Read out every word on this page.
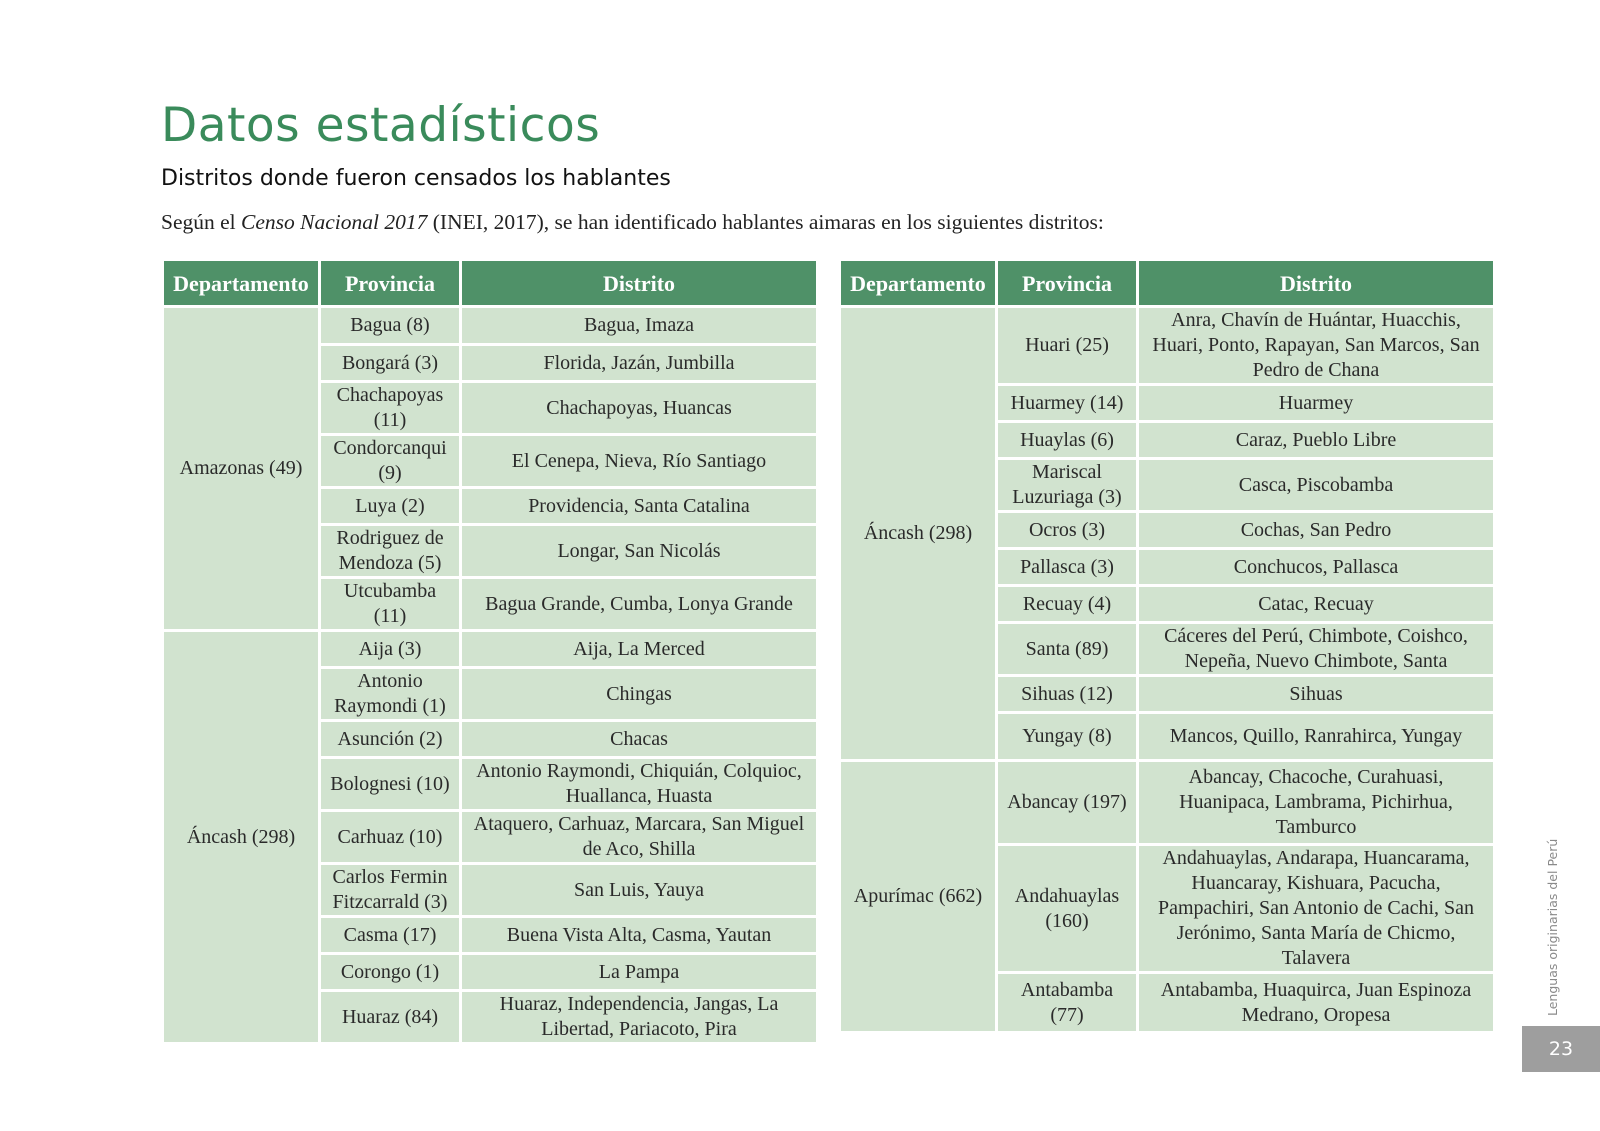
Datos estadísticos
Distritos donde fueron censados los hablantes

Según el Censo Nacional 2017 (INEI, 2017), se han identificado hablantes aimaras en los siguientes distritos:

Departamento	Provincia	Distrito
Amazonas (49)	Bagua (8)	Bagua, Imaza
	Bongará (3)	Florida, Jazán, Jumbilla
	Chachapoyas (11)	Chachapoyas, Huancas
	Condorcanqui (9)	El Cenepa, Nieva, Río Santiago
	Luya (2)	Providencia, Santa Catalina
	Rodriguez de Mendoza (5)	Longar, San Nicolás
	Utcubamba (11)	Bagua Grande, Cumba, Lonya Grande
Áncash (298)	Aija (3)	Aija, La Merced
	Antonio Raymondi (1)	Chingas
	Asunción (2)	Chacas
	Bolognesi (10)	Antonio Raymondi, Chiquián, Colquioc, Huallanca, Huasta
	Carhuaz (10)	Ataquero, Carhuaz, Marcara, San Miguel de Aco, Shilla
	Carlos Fermin Fitzcarrald (3)	San Luis, Yauya
	Casma (17)	Buena Vista Alta, Casma, Yautan
	Corongo (1)	La Pampa
	Huaraz (84)	Huaraz, Independencia, Jangas, La Libertad, Pariacoto, Pira
Departamento	Provincia	Distrito
Áncash (298)	Huari (25)	Anra, Chavín de Huántar, Huacchis, Huari, Ponto, Rapayan, San Marcos, San Pedro de Chana
	Huarmey (14)	Huarmey
	Huaylas (6)	Caraz, Pueblo Libre
	Mariscal Luzuriaga (3)	Casca, Piscobamba
	Ocros (3)	Cochas, San Pedro
	Pallasca (3)	Conchucos, Pallasca
	Recuay (4)	Catac, Recuay
	Santa (89)	Cáceres del Perú, Chimbote, Coishco, Nepeña, Nuevo Chimbote, Santa
	Sihuas (12)	Sihuas
	Yungay (8)	Mancos, Quillo, Ranrahirca, Yungay
Apurímac (662)	Abancay (197)	Abancay, Chacoche, Curahuasi, Huanipaca, Lambrama, Pichirhua, Tamburco
	Andahuaylas (160)	Andahuaylas, Andarapa, Huancarama, Huancaray, Kishuara, Pacucha, Pampachiri, San Antonio de Cachi, San Jerónimo, Santa María de Chicmo, Talavera
	Antabamba (77)	Antabamba, Huaquirca, Juan Espinoza Medrano, Oropesa	Lenguas originarias del Perú
23
